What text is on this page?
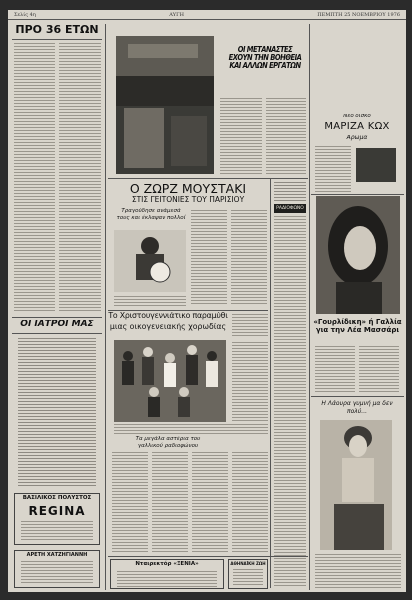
Σελίς 4η	ΑΥΓΗ	ΠΕΜΠΤΗ 25 ΝΟΕΜΒΡΙΟΥ 1976
ΠΡΟ 36 ΕΤΩΝ
ΟΙ ΙΑΤΡΟΙ ΜΑΣ
ΒΑΣΙΛΙΚΟΣ ΠΟΛΥΣΤΟΣ
REGINA
ΑΡΕΤΗ ΧΑΤΖΗΓΙΑΝΝΗ
ΟΙ ΜΕΤΑΝΑΣΤΕΣ ΕΧΟΥΝ ΤΗΝ ΒΟΗΘΕΙΑ ΚΑΙ ΑΛΛΩΝ ΕΡΓΑΤΩΝ
Ο ΖΩΡΖ ΜΟΥΣΤΑΚΙ
ΣΤΙΣ ΓΕΙΤΟΝΙΕΣ ΤΟΥ ΠΑΡΙΣΙΟΥ
Τραγούδησε ανάμεσά τους και έκλαψαν πολλοί
ΡΑΔΙΟΦΩΝΟ
Το Χριστουγεννιάτικο παραμύθι
μιας οικογενειακής χορωδίας
Τα μεγάλα αστέρια του γαλλικού ραδιοφώνου
Νταιρεκτόρ «ΞΕΝΙΑ»	ΑΘΗΝΑΪΚΗ ΖΩΗ
Νέο δίσκο
ΜΑΡΙΖΑ ΚΩΧ
Άρωμα
«Γουρλίδικη» ή Γαλλία για την Λέα Μασσάρι
Η Λάουρα γυμνή μα δεν πολύ...
